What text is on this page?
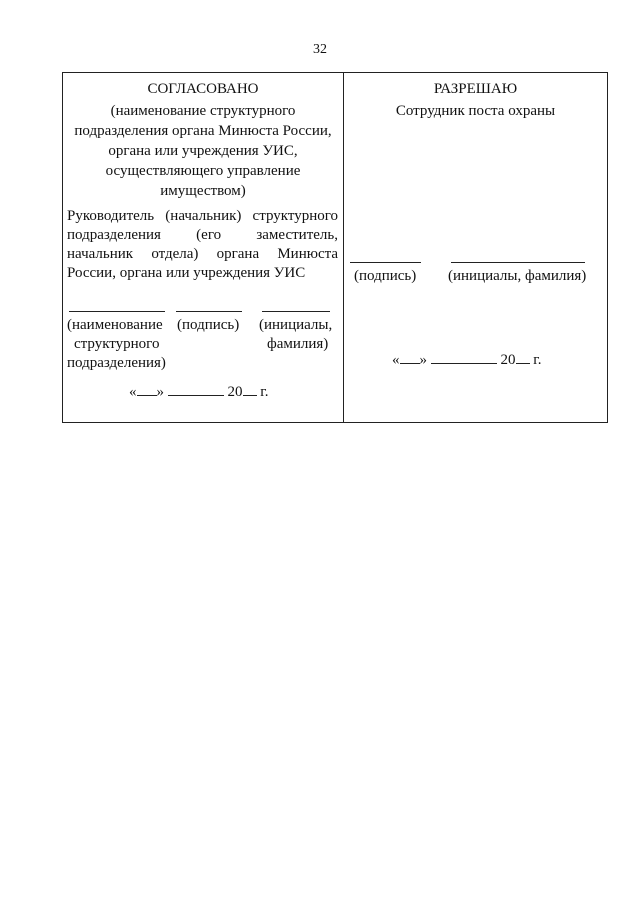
32
СОГЛАСОВАНО
(наименование структурного
подразделения органа Минюста России,
органа или учреждения УИС,
осуществляющего управление
имуществом)
Руководитель (начальник) структурного
подразделения (его заместитель,
начальник отдела) органа Минюста
России, органа или учреждения УИС
(наименование
структурного
подразделения)
(подпись) (инициалы,
фамилия)
« »	20 г.
РАЗРЕШАЮ
Сотрудник поста охраны
(подпись) (инициалы, фамилия)
« »	20 г.
